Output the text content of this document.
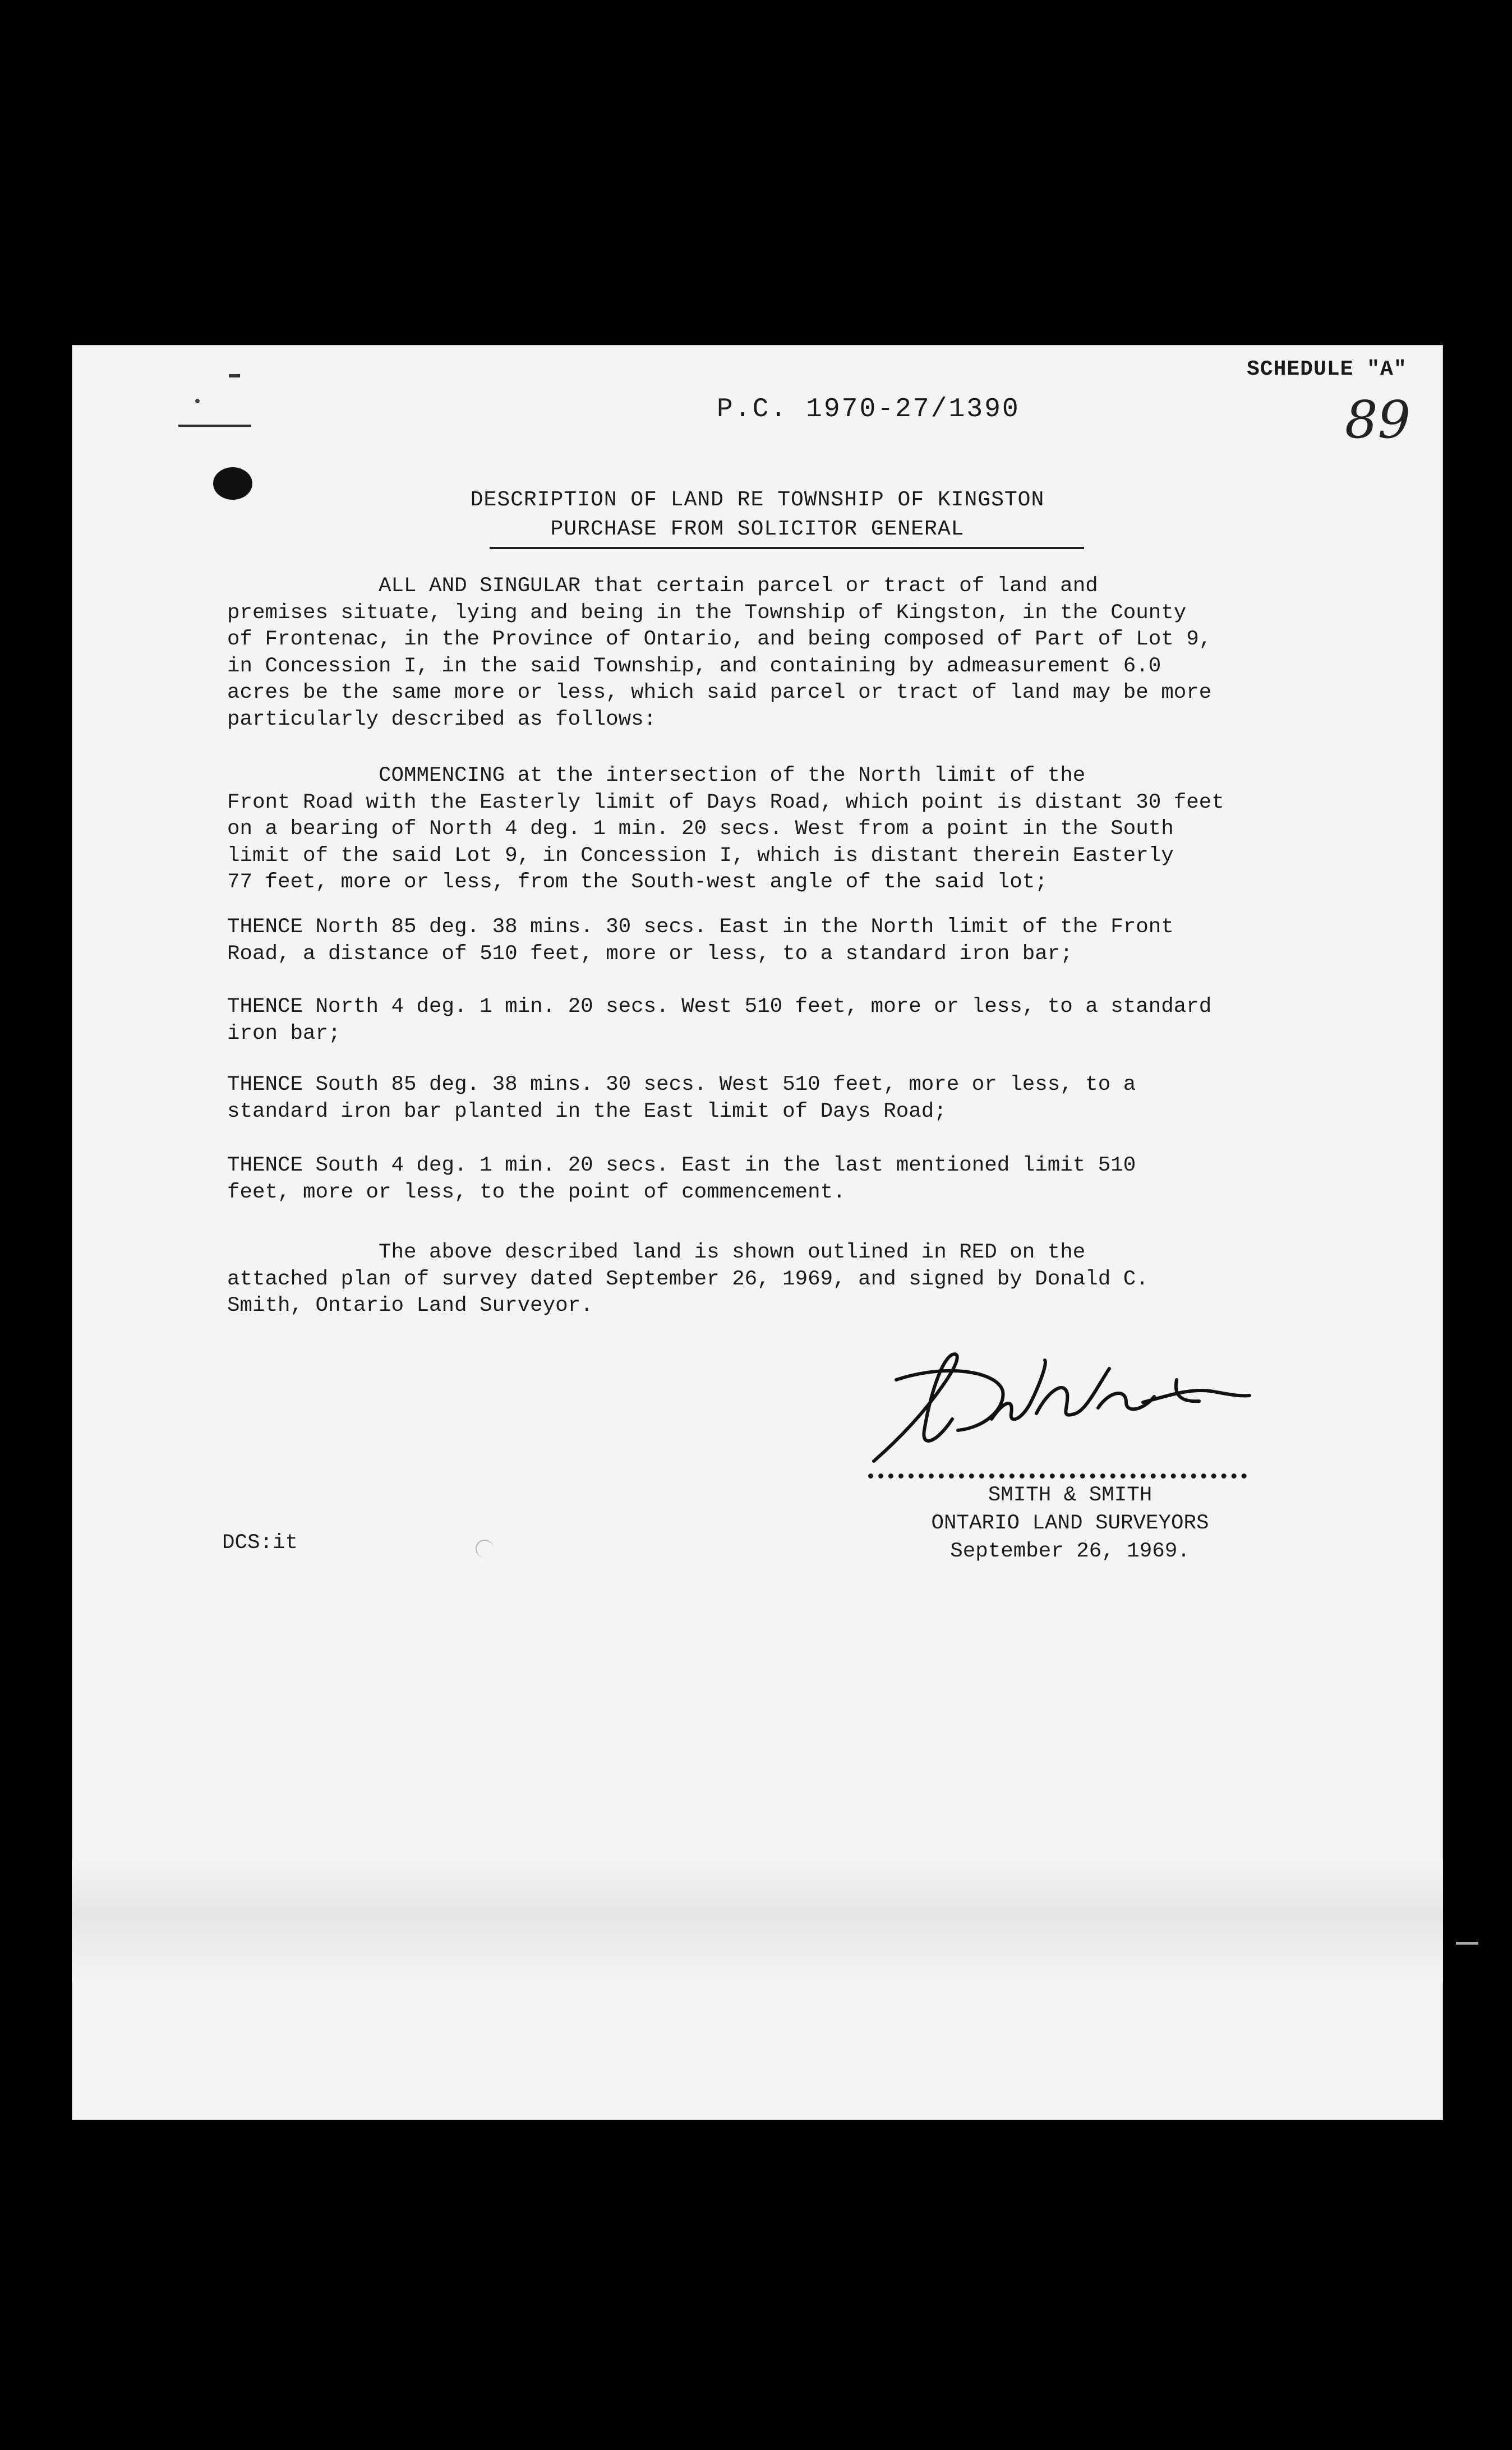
SCHEDULE "A"
P.C. 1970-27/1390	89
DESCRIPTION OF LAND RE TOWNSHIP OF KINGSTON
PURCHASE FROM SOLICITOR GENERAL

ALL AND SINGULAR that certain parcel or tract of land and
premises situate, lying and being in the Township of Kingston, in the County
of Frontenac, in the Province of Ontario, and being composed of Part of Lot 9,
in Concession I, in the said Township, and containing by admeasurement 6.0
acres be the same more or less, which said parcel or tract of land may be more
particularly described as follows:

COMMENCING at the intersection of the North limit of the
Front Road with the Easterly limit of Days Road, which point is distant 30 feet
on a bearing of North 4 deg. 1 min. 20 secs. West from a point in the South
limit of the said Lot 9, in Concession I, which is distant therein Easterly
77 feet, more or less, from the South-west angle of the said lot;

THENCE North 85 deg. 38 mins. 30 secs. East in the North limit of the Front
Road, a distance of 510 feet, more or less, to a standard iron bar;

THENCE North 4 deg. 1 min. 20 secs. West 510 feet, more or less, to a standard
iron bar;

THENCE South 85 deg. 38 mins. 30 secs. West 510 feet, more or less, to a
standard iron bar planted in the East limit of Days Road;

THENCE South 4 deg. 1 min. 20 secs. East in the last mentioned limit 510
feet, more or less, to the point of commencement.

The above described land is shown outlined in RED on the
attached plan of survey dated September 26, 1969, and signed by Donald C.
Smith, Ontario Land Surveyor.

SMITH & SMITH
ONTARIO LAND SURVEYORS
September 26, 1969.
DCS:it
